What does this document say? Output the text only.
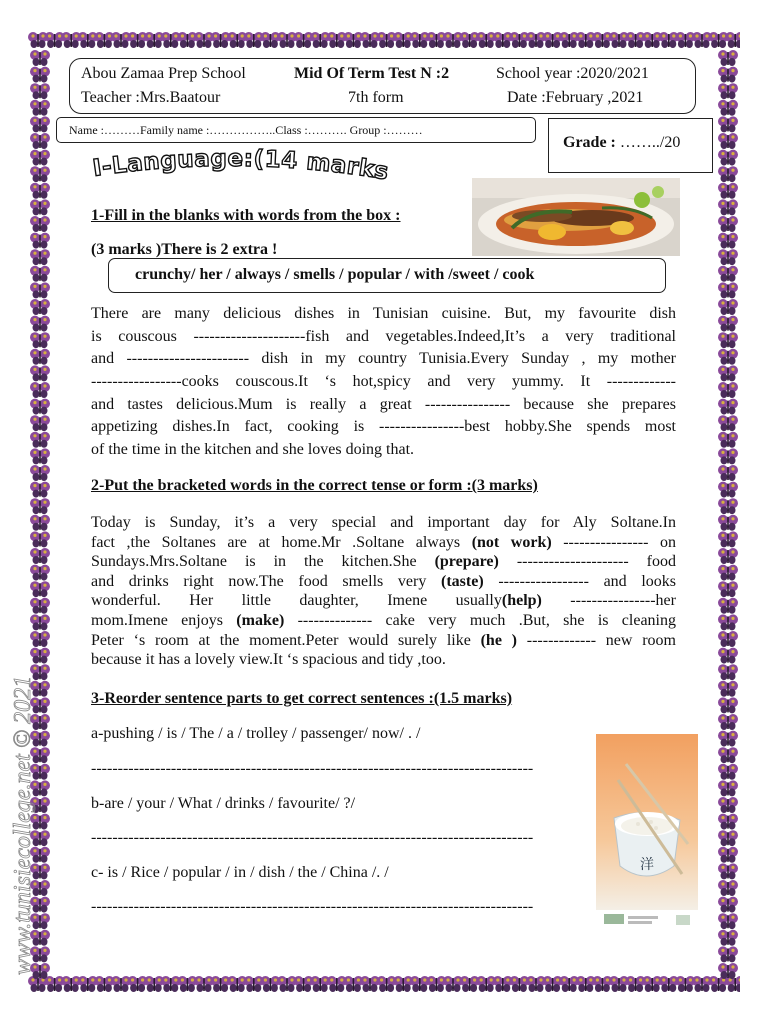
www.tunisiecollege.net © 2021
Abou Zamaa Prep School	Mid Of Term Test N :2	School year :2020/2021
Teacher :Mrs.Baatour	7th form	Date :February ,2021
Name :………Family name :……………..Class :………. Group :………
Grade : ……../20
I-Language:(14 marks
1-Fill in the blanks with words from the box :
(3 marks )There is 2 extra !
crunchy/ her / always / smells / popular / with /sweet / cook
There are many delicious dishes in Tunisian cuisine. But, my favourite dish
is couscous ---------------------fish and vegetables.Indeed,It’s a very traditional
and ----------------------- dish in my country Tunisia.Every Sunday , my mother
-----------------cooks couscous.It ‘s hot,spicy and very yummy. It -------------
and tastes delicious.Mum is really a great ---------------- because she prepares
appetizing dishes.In fact, cooking is ----------------best hobby.She spends most
of the time in the kitchen and she loves doing that.
2-Put the bracketed words in the correct tense or form :(3 marks)
Today is Sunday, it’s a very special and important day for Aly Soltane.In
fact ,the Soltanes are at home.Mr .Soltane always (not work) ---------------- on
Sundays.Mrs.Soltane is in the kitchen.She (prepare) --------------------- food
and drinks right now.The food smells very (taste) ----------------- and looks
wonderful. Her little daughter, Imene usually(help) ----------------her
mom.Imene enjoys (make) -------------- cake very much .But, she is cleaning
Peter ‘s room at the moment.Peter would surely like (he ) ------------- new room
because it has a lovely view.It ‘s spacious and tidy ,too.
3-Reorder sentence parts to get correct sentences :(1.5 marks)
a-pushing / is / The / a / trolley / passenger/ now/ . /
-----------------------------------------------------------------------------------
b-are / your / What / drinks / favourite/ ?/
-----------------------------------------------------------------------------------
c- is / Rice / popular / in / dish / the / China /. /
-----------------------------------------------------------------------------------
洋
